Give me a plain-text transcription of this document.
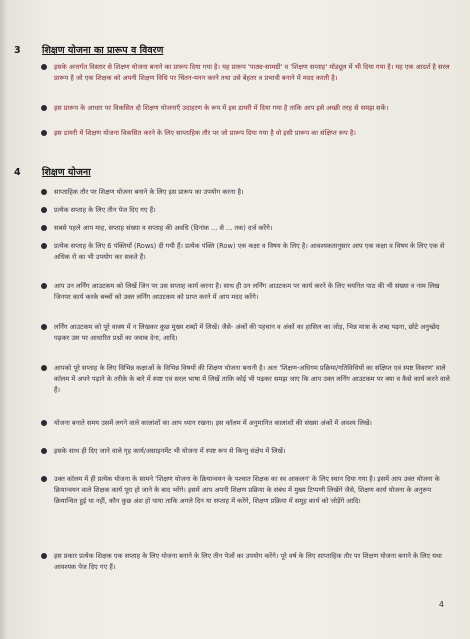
3	शिक्षण योजना का प्रारूप व विवरण
इसके अन्तर्गत विस्तार से शिक्षण योजना बनाने का प्रारूप दिया गया है। यह प्रारूप 'पाठ्य-सामग्री' व 'शिक्षण सप्ताह' मॉड्यूल में भी दिया गया है। यह एक आदर्श है सरल प्रारूप है जो एक शिक्षक को अपनी शिक्षण विधि पर चिंतन-मनन करने तथा उसे बेहतर व प्रभावी बनाने में मदद करती है।
इस प्रारूप के आधार पर विकसित दो शिक्षण योजनाएँ उदाहरण के रूप में इस डायरी में दिया गया है ताकि आप इसे अच्छी तरह से समझ सकें।
इस डायरी में शिक्षण योजना विकसित करने के लिए साप्ताहिक तौर पर जो प्रारूप दिया गया है वो इसी प्रारूप का संक्षिप्त रूप है।
4	शिक्षण योजना
साप्ताहिक तौर पर शिक्षण योजना बनाने के लिए इस प्रारूप का उपयोग करना है।
प्रत्येक सप्ताह के लिए तीन पेज दिए गए हैं।
सबसे पहले आप माह, सप्ताह संख्या व सप्ताह की अवधि (दिनांक ... से ... तक) दर्ज करेंगे।
प्रत्येक सप्ताह के लिए 6 पंक्तियाँ (Rows) दी गयी हैं। प्रत्येक पंक्ति (Row) एक कक्षा व विषय के लिए है। आवश्यकतानुसार आप एक कक्षा व विषय के लिए एक से अधिक रो का भी उपयोग कर सकते हैं।
आप उन लर्निंग आउटकम को लिखें जिन पर उस सप्ताह कार्य करना है। साथ ही उन लर्निंग आउटकम पर कार्य करने के लिए चयनित पाठ की भी संख्या व नाम लिख जिनपर कार्य करके बच्चों को उक्त लर्निंग आउटकम को प्राप्त करने में आप मदद करेंगे।
लर्निंग आउटकम को पूरे वाक्य में न लिखकर कुछ मुख्य शब्दों में लिखें। जैसे- अंकों की पहचान व अंकों का हासिल का जोड़, भिन्न मात्रा के शब्द पढ़ना, छोटे अनुच्छेद पढ़कर उस पर आधारित प्रश्नों का जवाब देना, आदि।
आपको पूरे सप्ताह के लिए विभिन्न कक्षाओं के विभिन्न विषयों की शिक्षण योजना बनानी है। अतः 'शिक्षण-अधिगम प्रक्रिया/गतिविधियों का संक्षिप्त एवं स्पष्ट विवरण' वाले कॉलम में अपने पढ़ाने के तरीके के बारे में स्पष्ट एवं सरल भाषा में लिखें ताकि कोई भी पढ़कर समझ जाए कि आप उक्त लर्निंग आउटकम पर क्या व कैसे कार्य करने वाले हैं।
योजना बनाते समय उसमें लगने वाले कालांशों का आप ध्यान रखना। इस कॉलम में अनुमानित कालांशों की संख्या अंकों में अवश्य लिखें।
इसके साथ ही दिए जाने वाले गृह कार्य/असाइनमेंट भी योजना में स्पष्ट रूप से किन्तु संक्षेप में लिखें।
उक्त कॉलम में ही प्रत्येक योजना के सामने 'शिक्षण योजना के क्रियान्वयन के पश्चात शिक्षक का स्व आकलन' के लिए स्थान दिया गया है। इसमें आप उक्त योजना के क्रियान्वयन वाले शिक्षक कार्य पूरा हो जाने के बाद भरेंगे। इसमें आप अपनी शिक्षण प्रक्रिया के संबंध में मुख्य टिप्पणी लिखेंगे जैसे, शिक्षण कार्य योजना के अनुरूप क्रियान्वित हुई या नहीं, कौन कुछ अंश हो पाया ताकि अगले दिन या सप्ताह में करेंगे, शिक्षण प्रक्रिया में समूह कार्य को जोड़ेंगे आदि।
इस प्रकार प्रत्येक शिक्षक एक सप्ताह के लिए योजना बनाने के लिए तीन पेजों का उपयोग करेंगे। पूरे वर्ष के लिए साप्ताहिक तौर पर शिक्षण योजना बनाने के लिए यथा आवश्यक पेज दिए गए हैं।
4
